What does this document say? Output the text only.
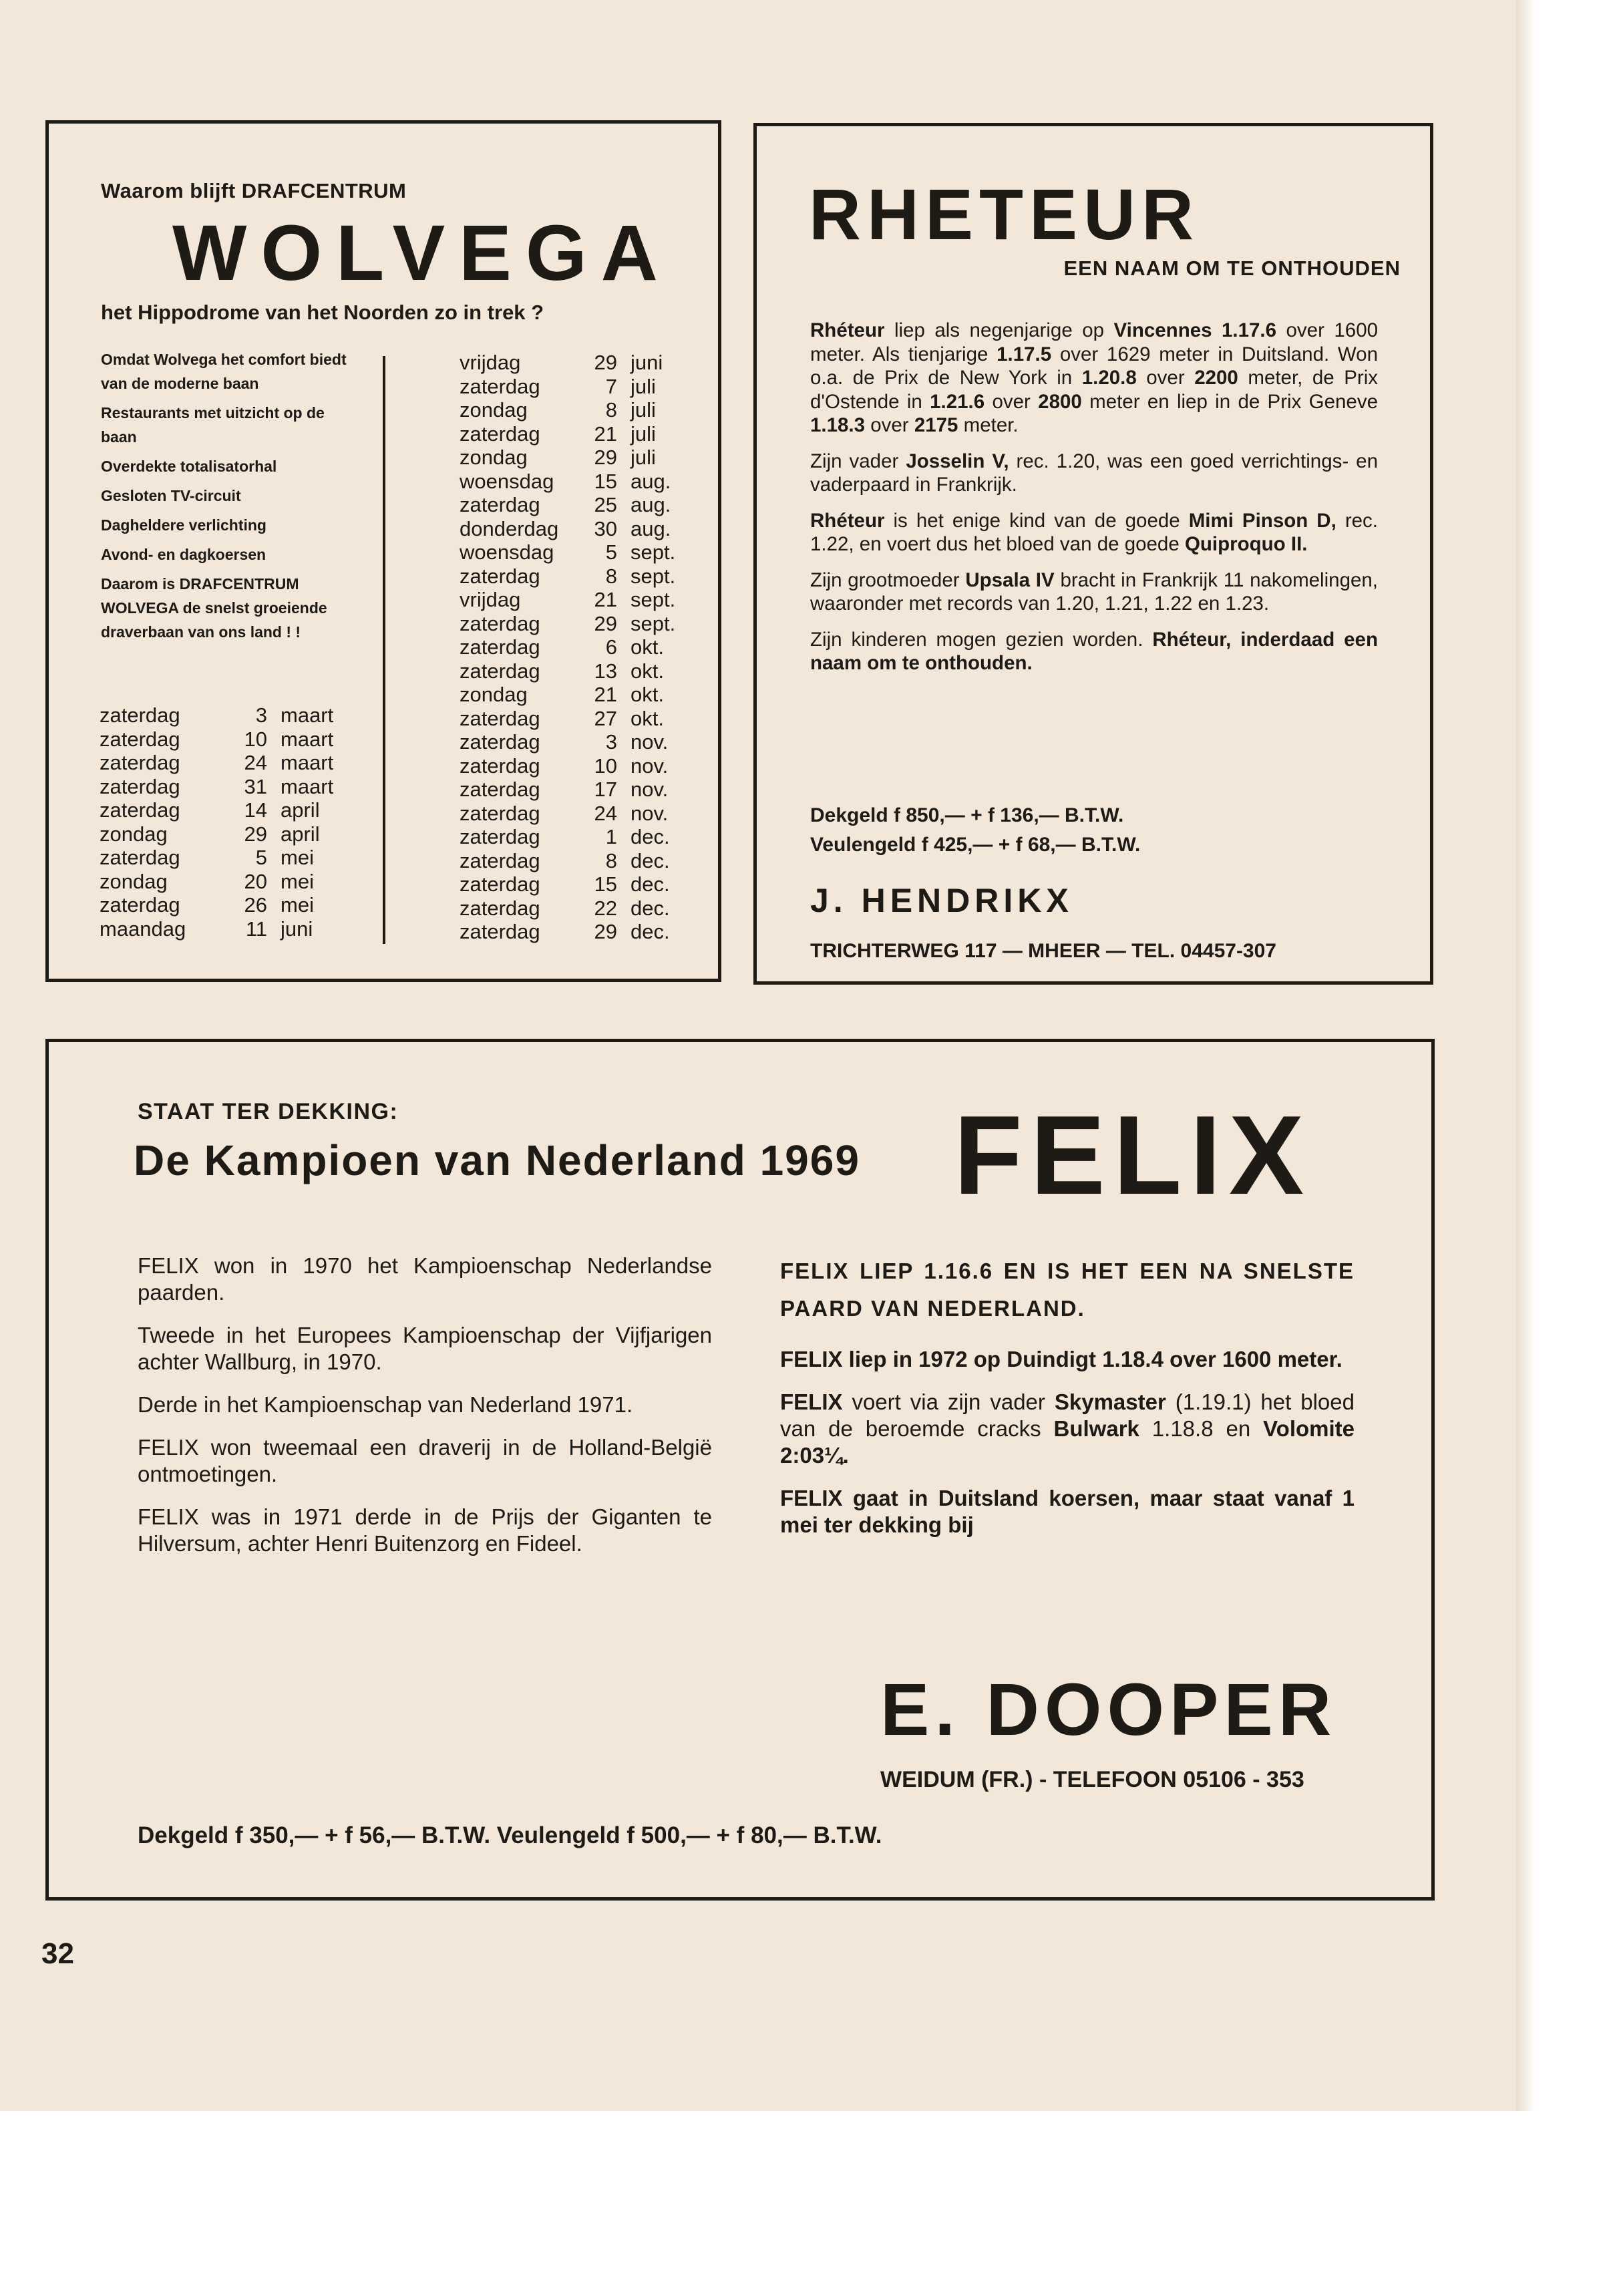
Waarom blijft DRAFCENTRUM
WOLVEGA
het Hippodrome van het Noorden zo in trek ?
Omdat Wolvega het comfort biedt van de moderne baan
Restaurants met uitzicht op de baan
Overdekte totalisatorhal
Gesloten TV-circuit
Dagheldere verlichting
Avond- en dagkoersen
Daarom is DRAFCENTRUM WOLVEGA de snelst groeiende draverbaan van ons land ! !
zaterdag	3 maart
zaterdag	10 maart
zaterdag	24 maart
zaterdag	31 maart
zaterdag	14 april
zondag	29 april
zaterdag	5 mei
zondag	20 mei
zaterdag	26 mei
maandag	11 juni
vrijdag	29 juni
zaterdag	7 juli
zondag	8 juli
zaterdag	21 juli
zondag	29 juli
woensdag	15 aug.
zaterdag	25 aug.
donderdag	30 aug.
woensdag	5 sept.
zaterdag	8 sept.
vrijdag	21 sept.
zaterdag	29 sept.
zaterdag	6 okt.
zaterdag	13 okt.
zondag	21 okt.
zaterdag	27 okt.
zaterdag	3 nov.
zaterdag	10 nov.
zaterdag	17 nov.
zaterdag	24 nov.
zaterdag	1 dec.
zaterdag	8 dec.
zaterdag	15 dec.
zaterdag	22 dec.
zaterdag	29 dec.
RHETEUR
EEN NAAM OM TE ONTHOUDEN

Rhéteur liep als negenjarige op Vincennes 1.17.6 over 1600 meter. Als tienjarige 1.17.5 over 1629 meter in Duitsland. Won o.a. de Prix de New York in 1.20.8 over 2200 meter, de Prix d'Ostende in 1.21.6 over 2800 meter en liep in de Prix Geneve 1.18.3 over 2175 meter.

Zijn vader Josselin V, rec. 1.20, was een goed verrichtings- en vaderpaard in Frankrijk.

Rhéteur is het enige kind van de goede Mimi Pinson D, rec. 1.22, en voert dus het bloed van de goede Quiproquo II.

Zijn grootmoeder Upsala IV bracht in Frankrijk 11 nakomelingen, waaronder met records van 1.20, 1.21, 1.22 en 1.23.

Zijn kinderen mogen gezien worden. Rhéteur, inderdaad een naam om te onthouden.

Dekgeld f 850,— + f 136,— B.T.W.
Veulengeld f 425,— + f 68,— B.T.W.
J. HENDRIKX
TRICHTERWEG 117 — MHEER — TEL. 04457-307
STAAT TER DEKKING:
De Kampioen van Nederland 1969 FELIX

FELIX won in 1970 het Kampioenschap Nederlandse paarden.

Tweede in het Europees Kampioenschap der Vijfjarigen achter Wallburg, in 1970.

Derde in het Kampioenschap van Nederland 1971.

FELIX won tweemaal een draverij in de Holland-België ontmoetingen.

FELIX was in 1971 derde in de Prijs der Giganten te Hilversum, achter Henri Buitenzorg en Fideel.

FELIX LIEP 1.16.6 EN IS HET EEN NA SNELSTE PAARD VAN NEDERLAND.

FELIX liep in 1972 op Duindigt 1.18.4 over 1600 meter.

FELIX voert via zijn vader Skymaster (1.19.1) het bloed van de beroemde cracks Bulwark 1.18.8 en Volomite 2:03¼.

FELIX gaat in Duitsland koersen, maar staat vanaf 1 mei ter dekking bij

E. DOOPER
WEIDUM (FR.) - TELEFOON 05106 - 353
Dekgeld f 350,— + f 56,— B.T.W. Veulengeld f 500,— + f 80,— B.T.W.
32
